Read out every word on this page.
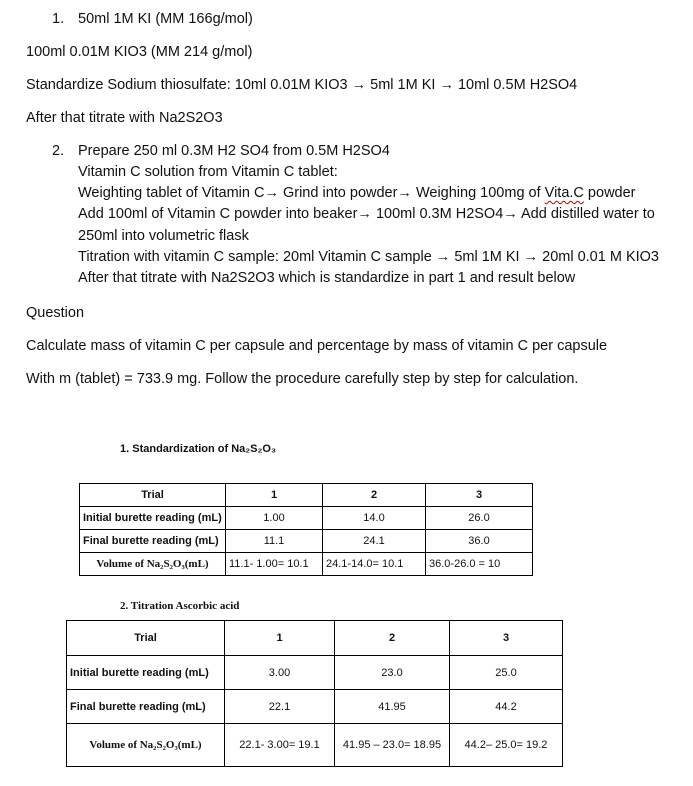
1. 50ml 1M KI (MM 166g/mol)
100ml 0.01M KIO3 (MM 214 g/mol)
Standardize Sodium thiosulfate: 10ml 0.01M KIO3 → 5ml 1M KI → 10ml 0.5M H2SO4
After that titrate with Na2S2O3
2. Prepare 250 ml 0.3M H2 SO4 from 0.5M H2SO4
Vitamin C solution from Vitamin C tablet:
Weighting tablet of Vitamin C→ Grind into powder→ Weighing 100mg of Vita.C powder
Add 100ml of Vitamin C powder into beaker→ 100ml 0.3M H2SO4→ Add distilled water to
250ml into volumetric flask
Titration with vitamin C sample: 20ml Vitamin C sample → 5ml 1M KI → 20ml 0.01 M KIO3
After that titrate with Na2S2O3 which is standardize in part 1 and result below
Question
Calculate mass of vitamin C per capsule and percentage by mass of vitamin C per capsule
With m (tablet) = 733.9 mg. Follow the procedure carefully step by step for calculation.
1. Standardization of Na₂S₂O₃
Trial	1	2	3
Initial burette reading (mL)	1.00	14.0	26.0
Final burette reading (mL)	11.1	24.1	36.0
Volume of Na₂S₂O₃(mL)	11.1- 1.00= 10.1	24.1-14.0= 10.1	36.0-26.0 = 10
2. Titration Ascorbic acid
Trial	1	2	3
Initial burette reading (mL)	3.00	23.0	25.0
Final burette reading (mL)	22.1	41.95	44.2
Volume of Na₂S₂O₃(mL)	22.1- 3.00= 19.1	41.95 – 23.0= 18.95	44.2– 25.0= 19.2
